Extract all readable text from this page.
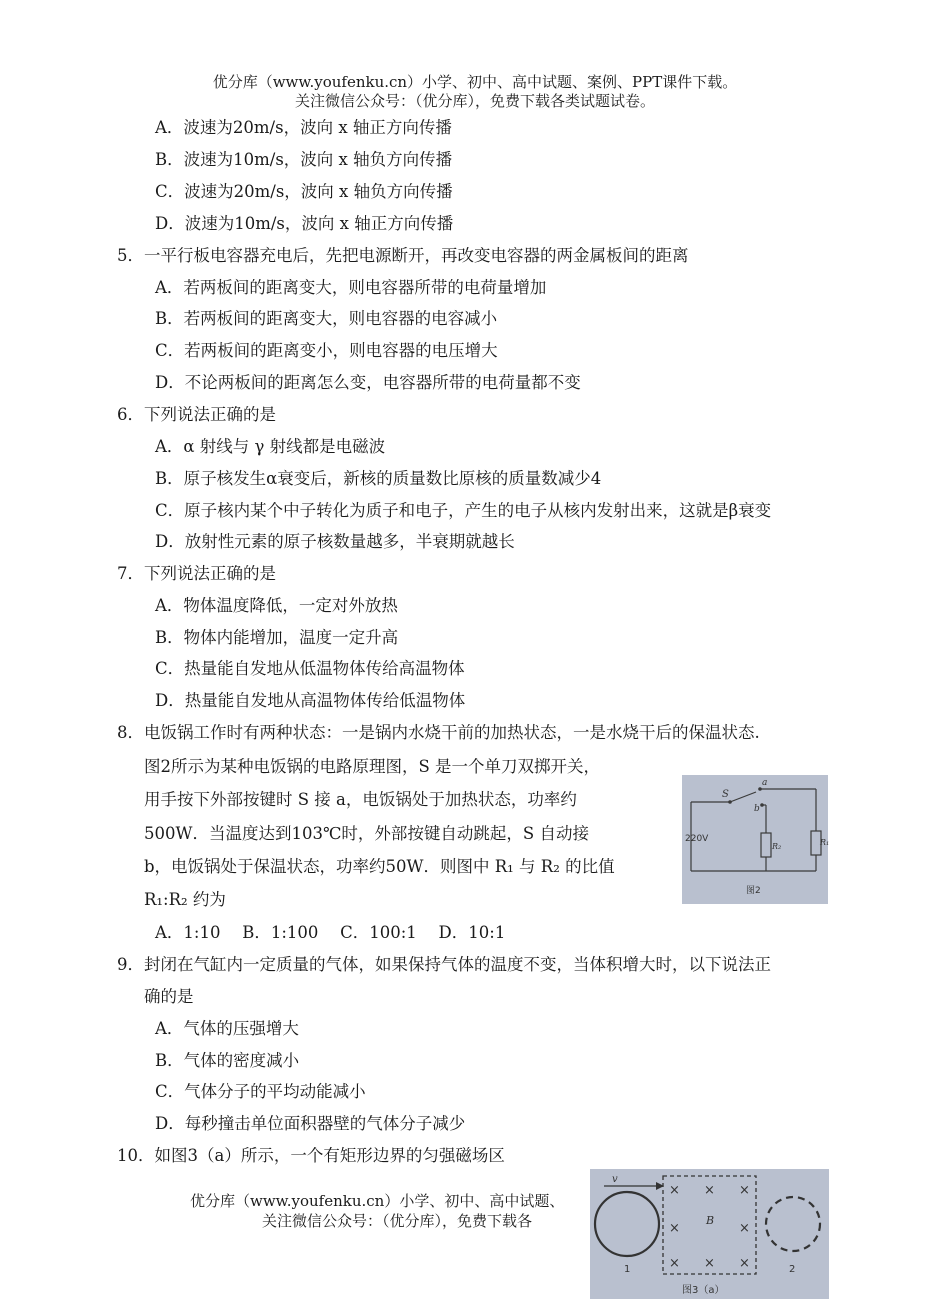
优分库（www.youfenku.cn）小学、初中、高中试题、案例、PPT课件下载。
关注微信公众号：（优分库），免费下载各类试题试卷。
A．波速为20m/s，波向 x 轴正方向传播
B．波速为10m/s，波向 x 轴负方向传播
C．波速为20m/s，波向 x 轴负方向传播
D．波速为10m/s，波向 x 轴正方向传播
5．一平行板电容器充电后，先把电源断开，再改变电容器的两金属板间的距离
A．若两板间的距离变大，则电容器所带的电荷量增加
B．若两板间的距离变大，则电容器的电容减小
C．若两板间的距离变小，则电容器的电压增大
D．不论两板间的距离怎么变，电容器所带的电荷量都不变
6．下列说法正确的是
A．α 射线与 γ 射线都是电磁波
B．原子核发生α衰变后，新核的质量数比原核的质量数减少4
C．原子核内某个中子转化为质子和电子，产生的电子从核内发射出来，这就是β衰变
D．放射性元素的原子核数量越多，半衰期就越长
7．下列说法正确的是
A．物体温度降低，一定对外放热
B．物体内能增加，温度一定升高
C．热量能自发地从低温物体传给高温物体
D．热量能自发地从高温物体传给低温物体
8．电饭锅工作时有两种状态：一是锅内水烧干前的加热状态，一是水烧干后的保温状态.
图2所示为某种电饭锅的电路原理图，S 是一个单刀双掷开关，
用手按下外部按键时 S 接 a，电饭锅处于加热状态，功率约
500W．当温度达到103℃时，外部按键自动跳起，S 自动接
b，电饭锅处于保温状态，功率约50W．则图中 R₁ 与 R₂ 的比值
R₁:R₂ 约为
A．1:10　 B．1:100　 C．100:1　 D．10:1
S
a
b
220V
R₂	R₁
图2
9．封闭在气缸内一定质量的气体，如果保持气体的温度不变，当体积增大时，以下说法正
确的是
A．气体的压强增大
B．气体的密度减小
C．气体分子的平均动能减小
D．每秒撞击单位面积器壁的气体分子减少
10．如图3（a）所示，一个有矩形边界的匀强磁场区
优分库（www.youfenku.cn）小学、初中、高中试题、
关注微信公众号：（优分库），免费下载各
v
1
× × ×
×	×
× × ×
B
2
图3（a）
